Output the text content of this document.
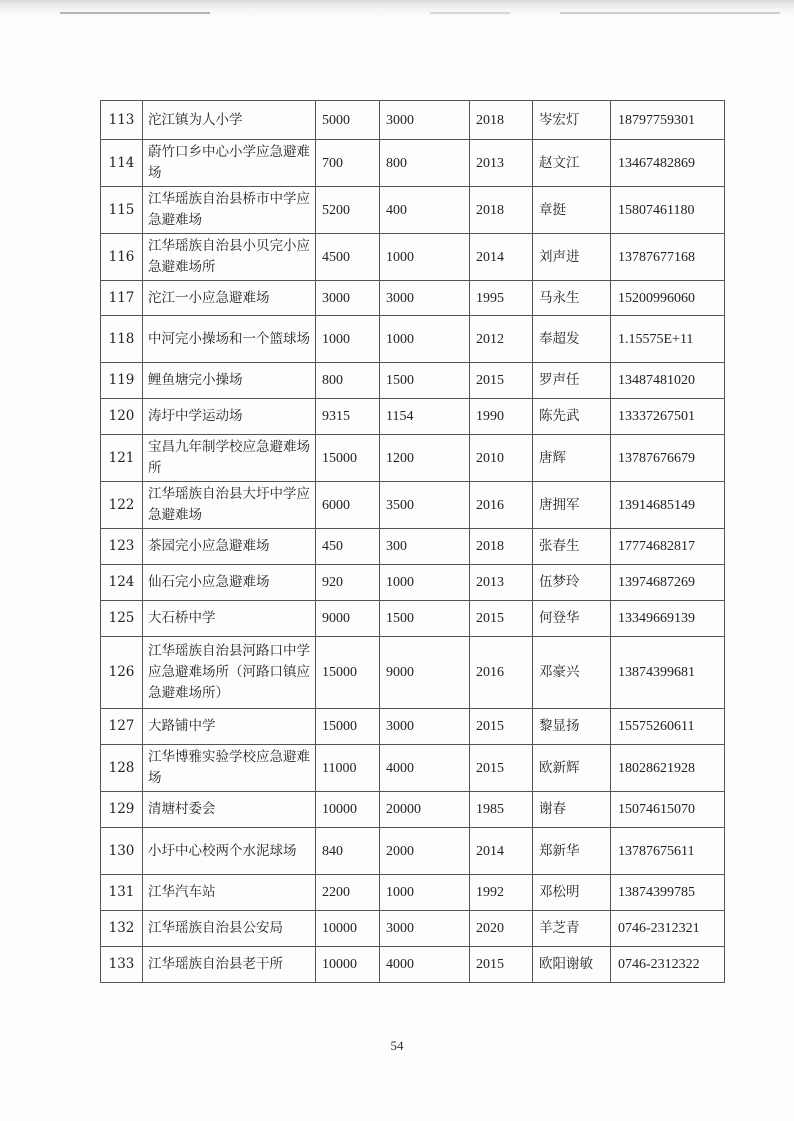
113	沱江镇为人小学	5000	3000	2018	岑宏灯	18797759301
114	蔚竹口乡中心小学应急避难场	700	800	2013	赵文江	13467482869
115	江华瑶族自治县桥市中学应急避难场	5200	400	2018	章挺	15807461180
116	江华瑶族自治县小贝完小应急避难场所	4500	1000	2014	刘声进	13787677168
117	沱江一小应急避难场	3000	3000	1995	马永生	15200996060
118	中河完小操场和一个篮球场	1000	1000	2012	奉超发	1.15575E+11
119	鲤鱼塘完小操场	800	1500	2015	罗声任	13487481020
120	涛圩中学运动场	9315	1154	1990	陈先武	13337267501
121	宝昌九年制学校应急避难场所	15000	1200	2010	唐辉	13787676679
122	江华瑶族自治县大圩中学应急避难场	6000	3500	2016	唐拥军	13914685149
123	茶园完小应急避难场	450	300	2018	张春生	17774682817
124	仙石完小应急避难场	920	1000	2013	伍梦玲	13974687269
125	大石桥中学	9000	1500	2015	何登华	13349669139
126	江华瑶族自治县河路口中学应急避难场所（河路口镇应急避难场所）	15000	9000	2016	邓豪兴	13874399681
127	大路铺中学	15000	3000	2015	黎显扬	15575260611
128	江华博雅实验学校应急避难场	11000	4000	2015	欧新辉	18028621928
129	清塘村委会	10000	20000	1985	谢春	15074615070
130	小圩中心校两个水泥球场	840	2000	2014	郑新华	13787675611
131	江华汽车站	2200	1000	1992	邓松明	13874399785
132	江华瑶族自治县公安局	10000	3000	2020	羊芝青	0746-2312321
133	江华瑶族自治县老干所	10000	4000	2015	欧阳谢敏	0746-2312322
54
